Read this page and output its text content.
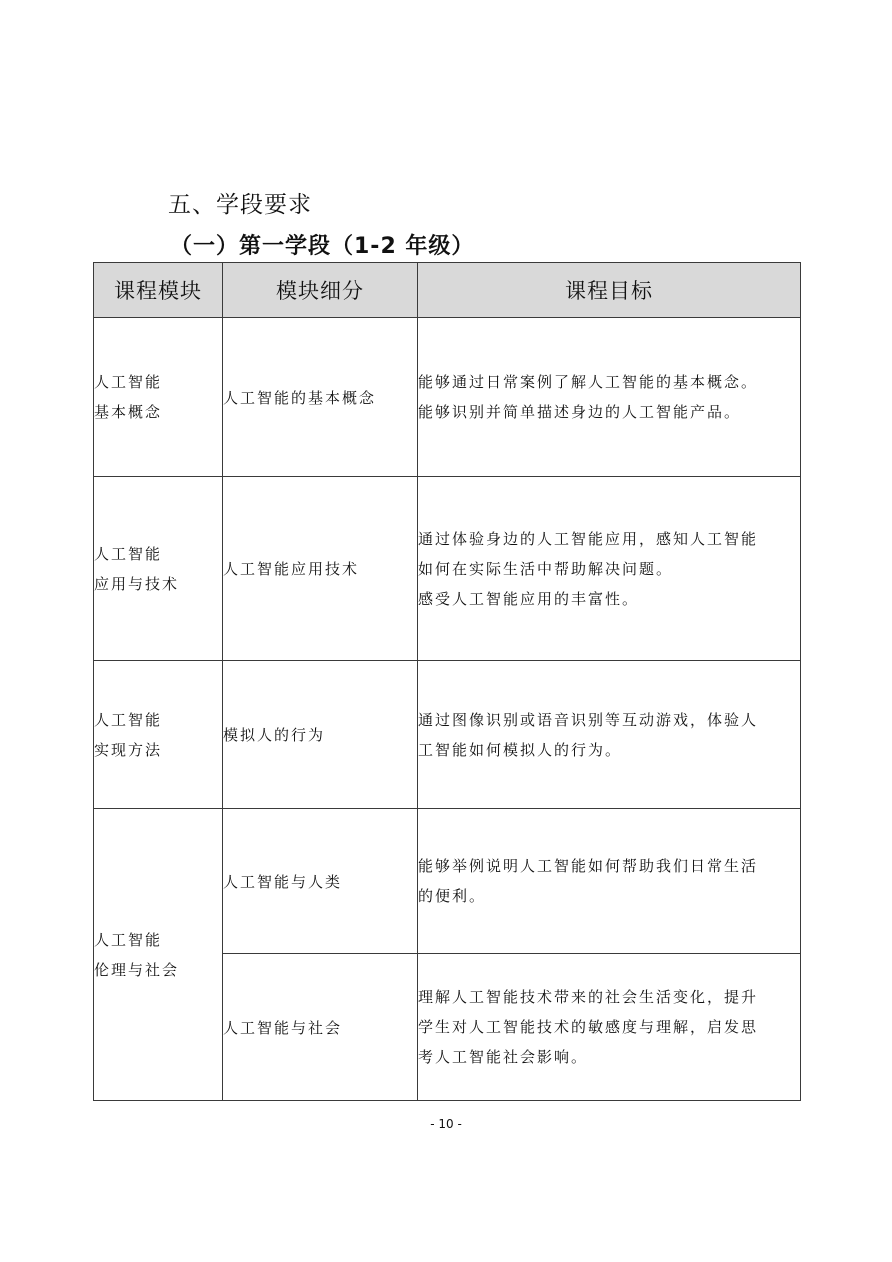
五、学段要求
（一）第一学段（1-2 年级）
课程模块	模块细分	课程目标

人工智能
基本概念	人工智能的基本概念	能够通过日常案例了解人工智能的基本概念。
能够识别并简单描述身边的人工智能产品。

人工智能
应用与技术	人工智能应用技术	通过体验身边的人工智能应用，感知人工智能
如何在实际生活中帮助解决问题。
感受人工智能应用的丰富性。

人工智能
实现方法	模拟人的行为	通过图像识别或语音识别等互动游戏，体验人
工智能如何模拟人的行为。

人工智能
伦理与社会	人工智能与人类	能够举例说明人工智能如何帮助我们日常生活
的便利。

	人工智能与社会	理解人工智能技术带来的社会生活变化，提升
学生对人工智能技术的敏感度与理解，启发思
考人工智能社会影响。
- 10 -
